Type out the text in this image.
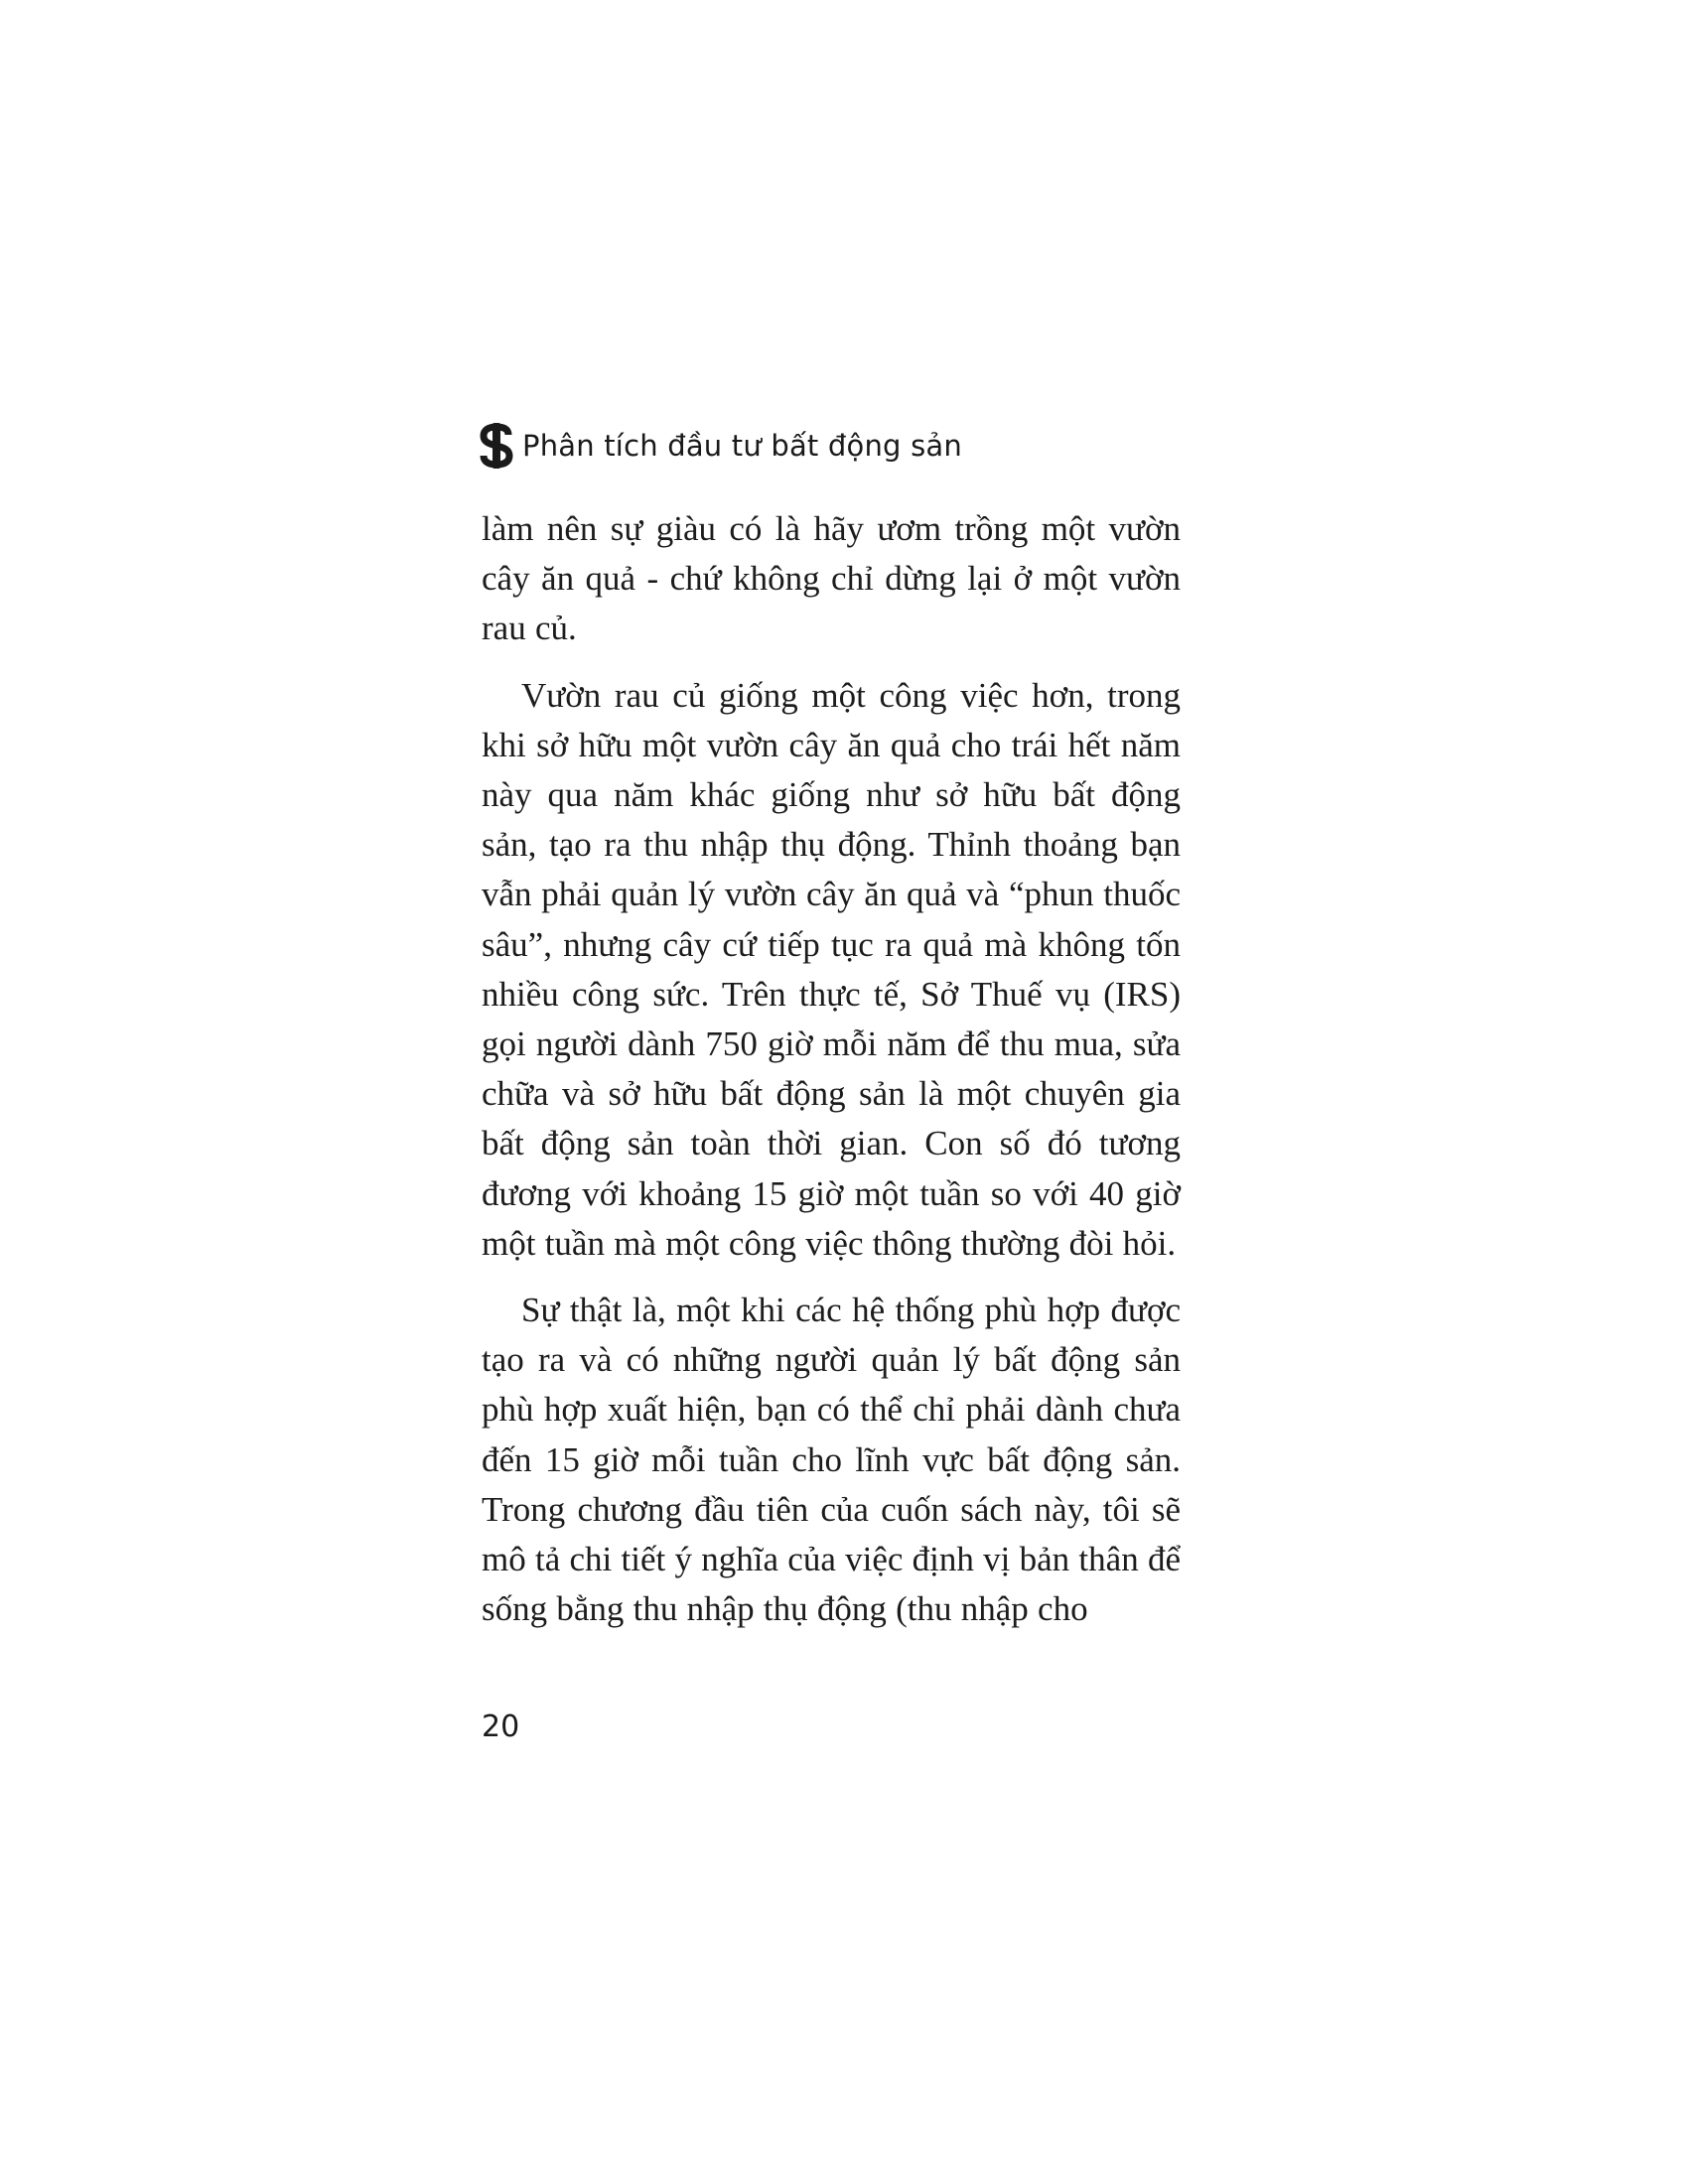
Phân tích đầu tư bất động sản

làm nên sự giàu có là hãy ươm trồng một vườn cây ăn quả - chứ không chỉ dừng lại ở một vườn rau củ.

Vườn rau củ giống một công việc hơn, trong khi sở hữu một vườn cây ăn quả cho trái hết năm này qua năm khác giống như sở hữu bất động sản, tạo ra thu nhập thụ động. Thỉnh thoảng bạn vẫn phải quản lý vườn cây ăn quả và “phun thuốc sâu”, nhưng cây cứ tiếp tục ra quả mà không tốn nhiều công sức. Trên thực tế, Sở Thuế vụ (IRS) gọi người dành 750 giờ mỗi năm để thu mua, sửa chữa và sở hữu bất động sản là một chuyên gia bất động sản toàn thời gian. Con số đó tương đương với khoảng 15 giờ một tuần so với 40 giờ một tuần mà một công việc thông thường đòi hỏi.

Sự thật là, một khi các hệ thống phù hợp được tạo ra và có những người quản lý bất động sản phù hợp xuất hiện, bạn có thể chỉ phải dành chưa đến 15 giờ mỗi tuần cho lĩnh vực bất động sản. Trong chương đầu tiên của cuốn sách này, tôi sẽ mô tả chi tiết ý nghĩa của việc định vị bản thân để sống bằng thu nhập thụ động (thu nhập cho

20
